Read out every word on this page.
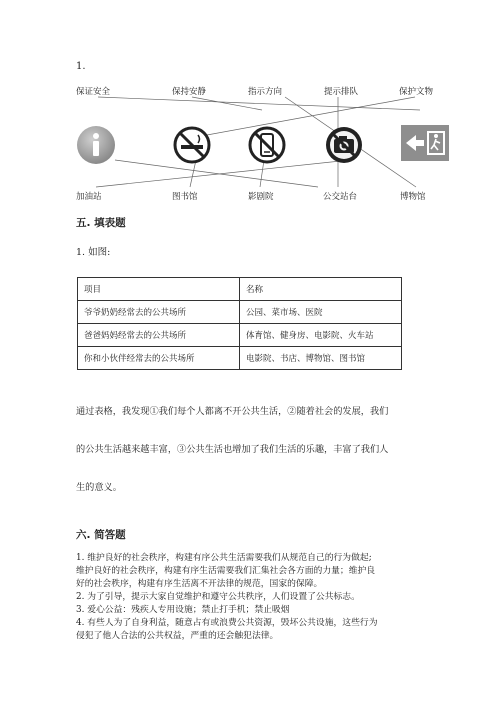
1.
保证安全	保持安静	指示方向	提示排队	保护文物
加油站	图书馆	影剧院	公交站台	博物馆
五. 填表题
1. 如图:
项目	名称
爷爷奶奶经常去的公共场所	公园、菜市场、医院
爸爸妈妈经常去的公共场所	体育馆、健身房、电影院、火车站
你和小伙伴经常去的公共场所	电影院、书店、博物馆、图书馆
通过表格，我发现①我们每个人都离不开公共生活，②随着社会的发展，我们
的公共生活越来越丰富，③公共生活也增加了我们生活的乐趣，丰富了我们人
生的意义。
六. 简答题
1. 维护良好的社会秩序，构建有序公共生活需要我们从规范自己的行为做起;
维护良好的社会秩序，构建有序生活需要我们汇集社会各方面的力量；维护良
好的社会秩序，构建有序生活离不开法律的规范，国家的保障。
2. 为了引导，提示大家自觉维护和遵守公共秩序，人们设置了公共标志。
3. 爱心公益：残疾人专用设施；禁止打手机；禁止吸烟
4. 有些人为了自身利益，随意占有或浪费公共资源，毁坏公共设施，这些行为
侵犯了他人合法的公共权益，严重的还会触犯法律。
